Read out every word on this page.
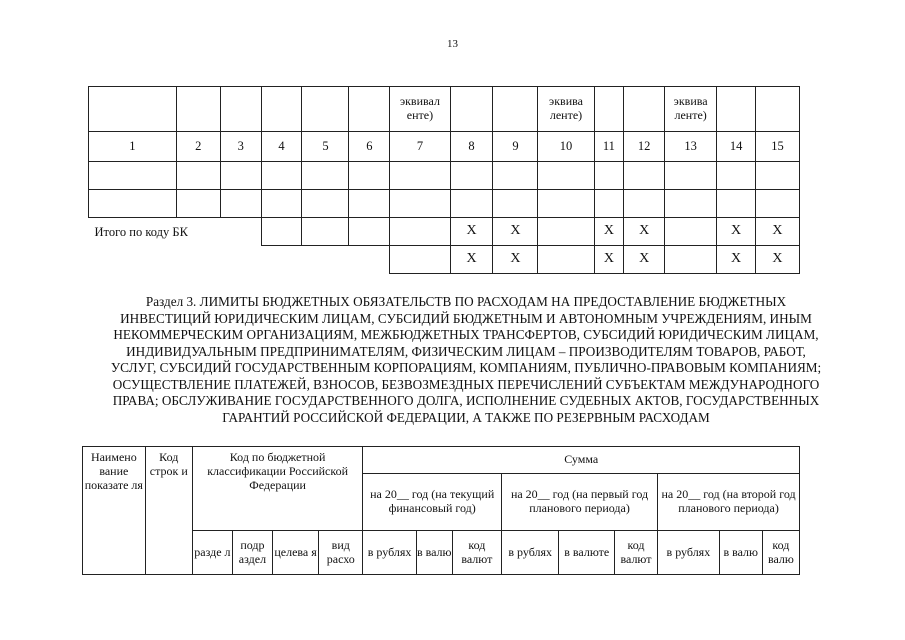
13
						эквивал енте)			эквива ленте)			эквива ленте)		
1	2	3	4	5	6	7	8	9	10	11	12	13	14	15

Итого по коду БК							X	X		X	X		X	X
							X	X		X	X		X	X
Раздел 3. ЛИМИТЫ БЮДЖЕТНЫХ ОБЯЗАТЕЛЬСТВ ПО РАСХОДАМ НА ПРЕДОСТАВЛЕНИЕ БЮДЖЕТНЫХ
ИНВЕСТИЦИЙ ЮРИДИЧЕСКИМ ЛИЦАМ, СУБСИДИЙ БЮДЖЕТНЫМ И АВТОНОМНЫМ УЧРЕЖДЕНИЯМ, ИНЫМ
НЕКОММЕРЧЕСКИМ ОРГАНИЗАЦИЯМ, МЕЖБЮДЖЕТНЫХ ТРАНСФЕРТОВ, СУБСИДИЙ ЮРИДИЧЕСКИМ ЛИЦАМ,
ИНДИВИДУАЛЬНЫМ ПРЕДПРИНИМАТЕЛЯМ, ФИЗИЧЕСКИМ ЛИЦАМ – ПРОИЗВОДИТЕЛЯМ ТОВАРОВ, РАБОТ,
УСЛУГ, СУБСИДИЙ ГОСУДАРСТВЕННЫМ КОРПОРАЦИЯМ, КОМПАНИЯМ, ПУБЛИЧНО-ПРАВОВЫМ КОМПАНИЯМ;
ОСУЩЕСТВЛЕНИЕ ПЛАТЕЖЕЙ, ВЗНОСОВ, БЕЗВОЗМЕЗДНЫХ ПЕРЕЧИСЛЕНИЙ СУБЪЕКТАМ МЕЖДУНАРОДНОГО
ПРАВА; ОБСЛУЖИВАНИЕ ГОСУДАРСТВЕННОГО ДОЛГА, ИСПОЛНЕНИЕ СУДЕБНЫХ АКТОВ, ГОСУДАРСТВЕННЫХ
ГАРАНТИЙ РОССИЙСКОЙ ФЕДЕРАЦИИ, А ТАКЖЕ ПО РЕЗЕРВНЫМ РАСХОДАМ
Наимено вание показате ля	Код строк и	Код по бюджетной классификации Российской Федерации				Сумма								
						на 20__ год (на текущий финансовый год)			на 20__ год (на первый год планового периода)			на 20__ год (на второй год планового периода)		
		разде л	подр аздел	целева я	вид расхо	в рублях	в валю	код валют	в рублях	в валюте	код валют	в рублях	в валю	код валю
